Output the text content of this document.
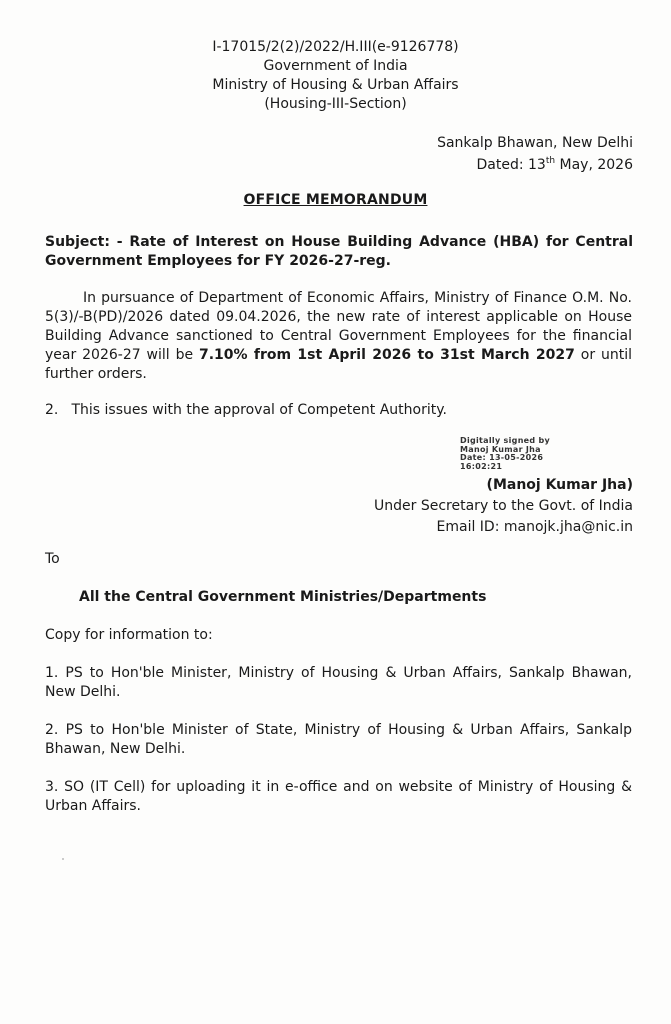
I-17015/2(2)/2022/H.III(e-9126778)
Government of India
Ministry of Housing & Urban Affairs
(Housing-III-Section)
Sankalp Bhawan, New Delhi
Dated: 13th May, 2026
OFFICE MEMORANDUM
Subject: - Rate of Interest on House Building Advance (HBA) for Central Government Employees for FY 2026-27-reg.
In pursuance of Department of Economic Affairs, Ministry of Finance O.M. No. 5(3)/-B(PD)/2026 dated 09.04.2026, the new rate of interest applicable on House Building Advance sanctioned to Central Government Employees for the financial year 2026-27 will be 7.10% from 1st April 2026 to 31st March 2027 or until further orders.
2. This issues with the approval of Competent Authority.
Digitally signed by
Manoj Kumar Jha
Date: 13-05-2026
16:02:21
(Manoj Kumar Jha)
Under Secretary to the Govt. of India
Email ID: manojk.jha@nic.in
To
All the Central Government Ministries/Departments
Copy for information to:
1. PS to Hon'ble Minister, Ministry of Housing & Urban Affairs, Sankalp Bhawan, New Delhi.
2. PS to Hon'ble Minister of State, Ministry of Housing & Urban Affairs, Sankalp Bhawan, New Delhi.
3. SO (IT Cell) for uploading it in e-office and on website of Ministry of Housing & Urban Affairs.
